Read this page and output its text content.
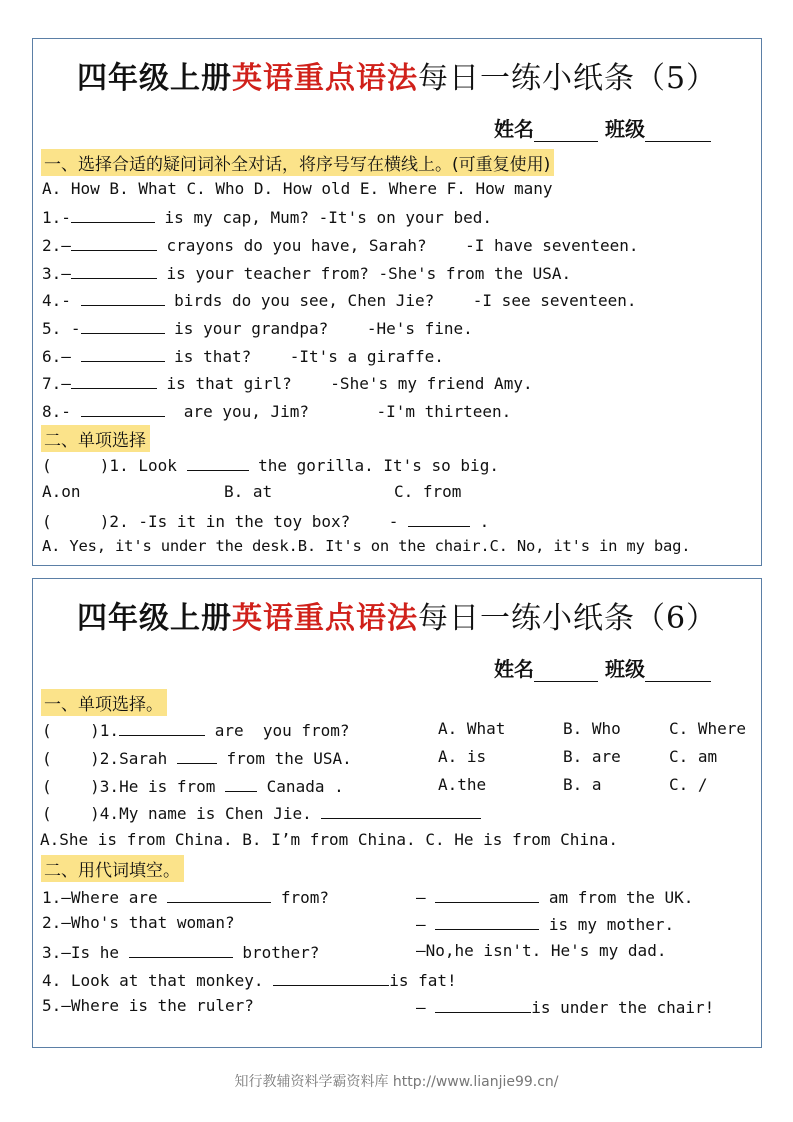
四年级上册英语重点语法每日一练小纸条（5）
姓名	班级
一、选择合适的疑问词补全对话，将序号写在横线上。(可重复使用)
A. How B. What C. Who D. How old E. Where F. How many
1.-	is my cap, Mum? -It's on your bed.
2.—	crayons do you have, Sarah?    -I have seventeen.
3.—	is your teacher from? -She's from the USA.
4.-	birds do you see, Chen Jie?    -I see seventeen.
5. -	is your grandpa?    -He's fine.
6.—	is that?    -It's a giraffe.
7.—	is that girl?    -She's my friend Amy.
8.-	are you, Jim?       -I'm thirteen.
二、单项选择
(     )1. Look	the gorilla. It's so big.
A.on	B. at	C. from
(     )2. -Is it in the toy box?    -	.
A. Yes, it's under the desk.B. It's on the chair.C. No, it's in my bag.
四年级上册英语重点语法每日一练小纸条（6）
姓名	班级
一、单项选择。
(    )1.	are  you from?	A. What	B. Who	C. Where
(    )2.Sarah	from the USA.	A. is	B. are	C. am
(    )3.He is from  Canada .	A.the	B. a	C. /
(    )4.My name is Chen Jie.
A.She is from China. B. I’m from China. C. He is from China.
二、用代词填空。
1.—Where are	from?	—	am from the UK.
2.—Who's that woman?	—	is my mother.
3.—Is he	brother?	—No,he isn't. He's my dad.
4. Look at that monkey.	is fat!
5.—Where is the ruler?	—	is under the chair!
知行教辅资料学霸资料库 http://www.lianjie99.cn/
